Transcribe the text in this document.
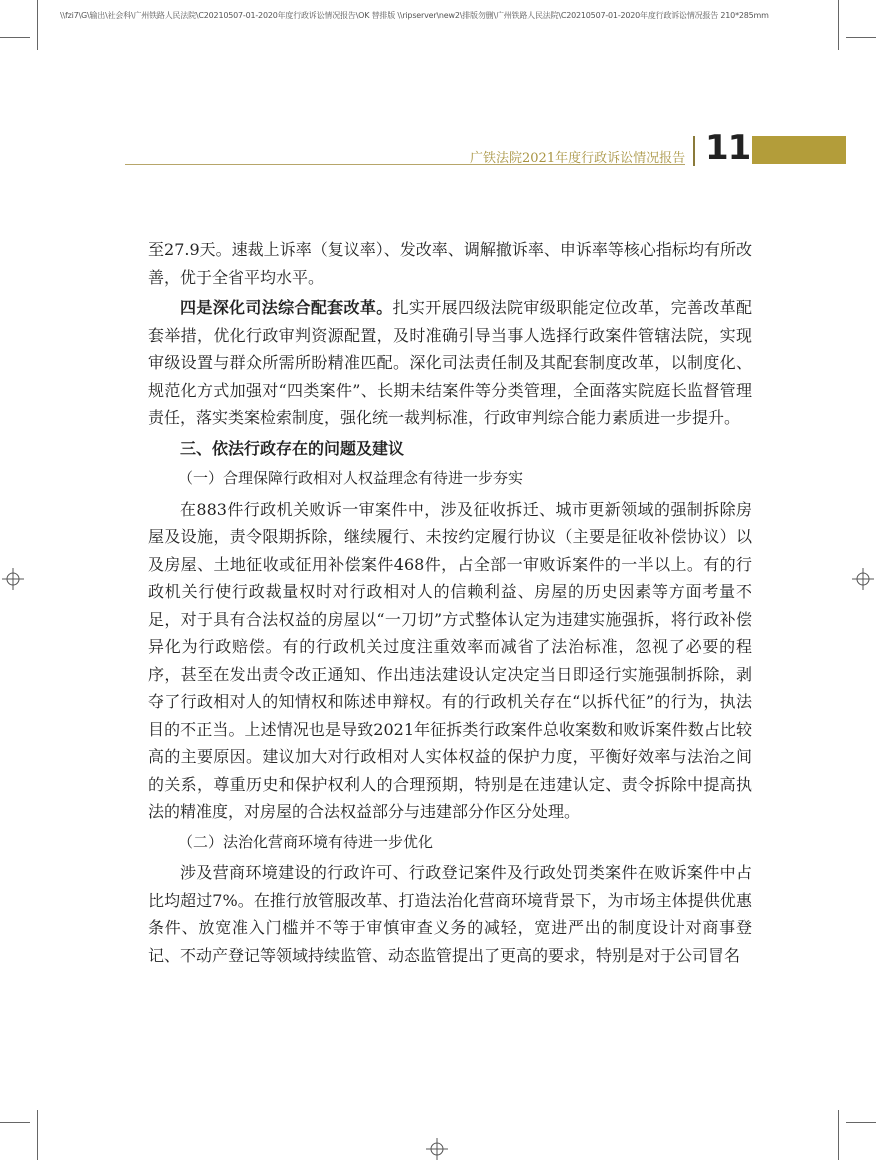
\\fzi7\G\输出\社会科\广州铁路人民法院\C20210507-01-2020年度行政诉讼情况报告\OK 替排版 \\ripserver\new2\排版勿删\广州铁路人民法院\C20210507-01-2020年度行政诉讼情况报告 210*285mm
广铁法院2021年度行政诉讼情况报告 11

至27.9天。速裁上诉率（复议率）、发改率、调解撤诉率、申诉率等核心指标均有所改善，优于全省平均水平。

四是深化司法综合配套改革。扎实开展四级法院审级职能定位改革，完善改革配套举措，优化行政审判资源配置，及时准确引导当事人选择行政案件管辖法院，实现审级设置与群众所需所盼精准匹配。深化司法责任制及其配套制度改革，以制度化、规范化方式加强对“四类案件”、长期未结案件等分类管理，全面落实院庭长监督管理责任，落实类案检索制度，强化统一裁判标准，行政审判综合能力素质进一步提升。

三、依法行政存在的问题及建议
（一）合理保障行政相对人权益理念有待进一步夯实

在883件行政机关败诉一审案件中，涉及征收拆迁、城市更新领域的强制拆除房屋及设施，责令限期拆除，继续履行、未按约定履行协议（主要是征收补偿协议）以及房屋、土地征收或征用补偿案件468件，占全部一审败诉案件的一半以上。有的行政机关行使行政裁量权时对行政相对人的信赖利益、房屋的历史因素等方面考量不足，对于具有合法权益的房屋以“一刀切”方式整体认定为违建实施强拆，将行政补偿异化为行政赔偿。有的行政机关过度注重效率而减省了法治标准，忽视了必要的程序，甚至在发出责令改正通知、作出违法建设认定决定当日即迳行实施强制拆除，剥夺了行政相对人的知情权和陈述申辩权。有的行政机关存在“以拆代征”的行为，执法目的不正当。上述情况也是导致2021年征拆类行政案件总收案数和败诉案件数占比较高的主要原因。建议加大对行政相对人实体权益的保护力度，平衡好效率与法治之间的关系，尊重历史和保护权利人的合理预期，特别是在违建认定、责令拆除中提高执法的精准度，对房屋的合法权益部分与违建部分作区分处理。

（二）法治化营商环境有待进一步优化

涉及营商环境建设的行政许可、行政登记案件及行政处罚类案件在败诉案件中占比均超过7%。在推行放管服改革、打造法治化营商环境背景下，为市场主体提供优惠条件、放宽准入门槛并不等于审慎审查义务的减轻，宽进严出的制度设计对商事登记、不动产登记等领域持续监管、动态监管提出了更高的要求，特别是对于公司冒名
